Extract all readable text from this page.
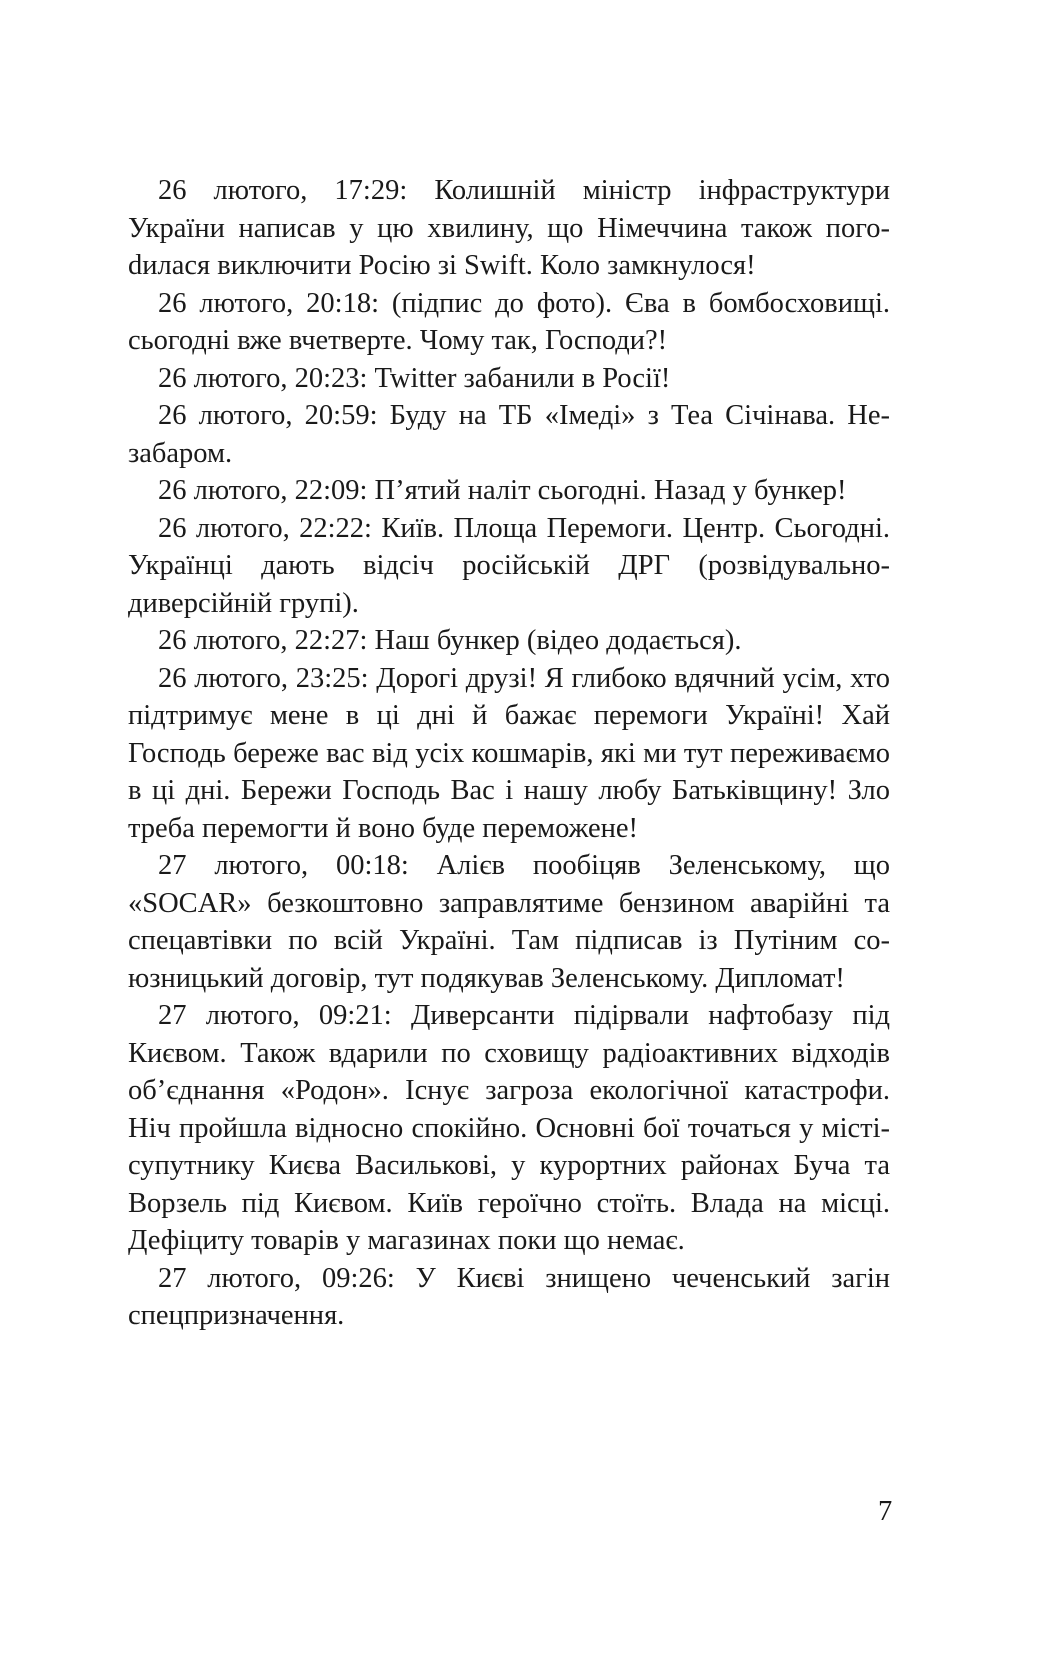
26 лютого, 17:29: Колишній міністр інфраструктури України написав у цю хвилину, що Німеччина також погоdилася виключити Росію зі Swift. Коло замкнулося!

26 лютого, 20:18: (підпис до фото). Єва в бомбосховищі. сьогодні вже вчетверте. Чому так, Господи?!

26 лютого, 20:23: Twitter забанили в Росії!

26 лютого, 20:59: Буду на ТБ «Імеді» з Теа Січінава. Незабаром.

26 лютого, 22:09: П’ятий наліт сьогодні. Назад у бункер!

26 лютого, 22:22: Київ. Площа Перемоги. Центр. Сьогодні. Українці дають відсіч російській ДРГ (розвідувально-диверсійній групі).

26 лютого, 22:27: Наш бункер (відео додається).

26 лютого, 23:25: Дорогі друзі! Я глибоко вдячний усім, хто підтримує мене в ці дні й бажає перемоги Україні! Хай Господь береже вас від усіх кошмарів, які ми тут переживаємо в ці дні. Бережи Господь Вас і нашу любу Батьківщину! Зло треба перемогти й воно буде переможене!

27 лютого, 00:18: Алієв пообіцяв Зеленському, що «SOCAR» безкоштовно заправлятиме бензином аварійні та спецавтівки по всій Україні. Там підписав із Путіним союзницький договір, тут подякував Зеленському. Дипломат!

27 лютого, 09:21: Диверсанти підірвали нафтобазу під Києвом. Також вдарили по сховищу радіоактивних відходів об’єднання «Родон». Існує загроза екологічної катастрофи. Ніч пройшла відносно спокійно. Основні бої точаться у місті-супутнику Києва Василькові, у курортних районах Буча та Ворзель під Києвом. Київ героїчно стоїть. Влада на місці. Дефіциту товарів у магазинах поки що немає.

27 лютого, 09:26: У Києві знищено чеченський загін спецпризначення.

7
